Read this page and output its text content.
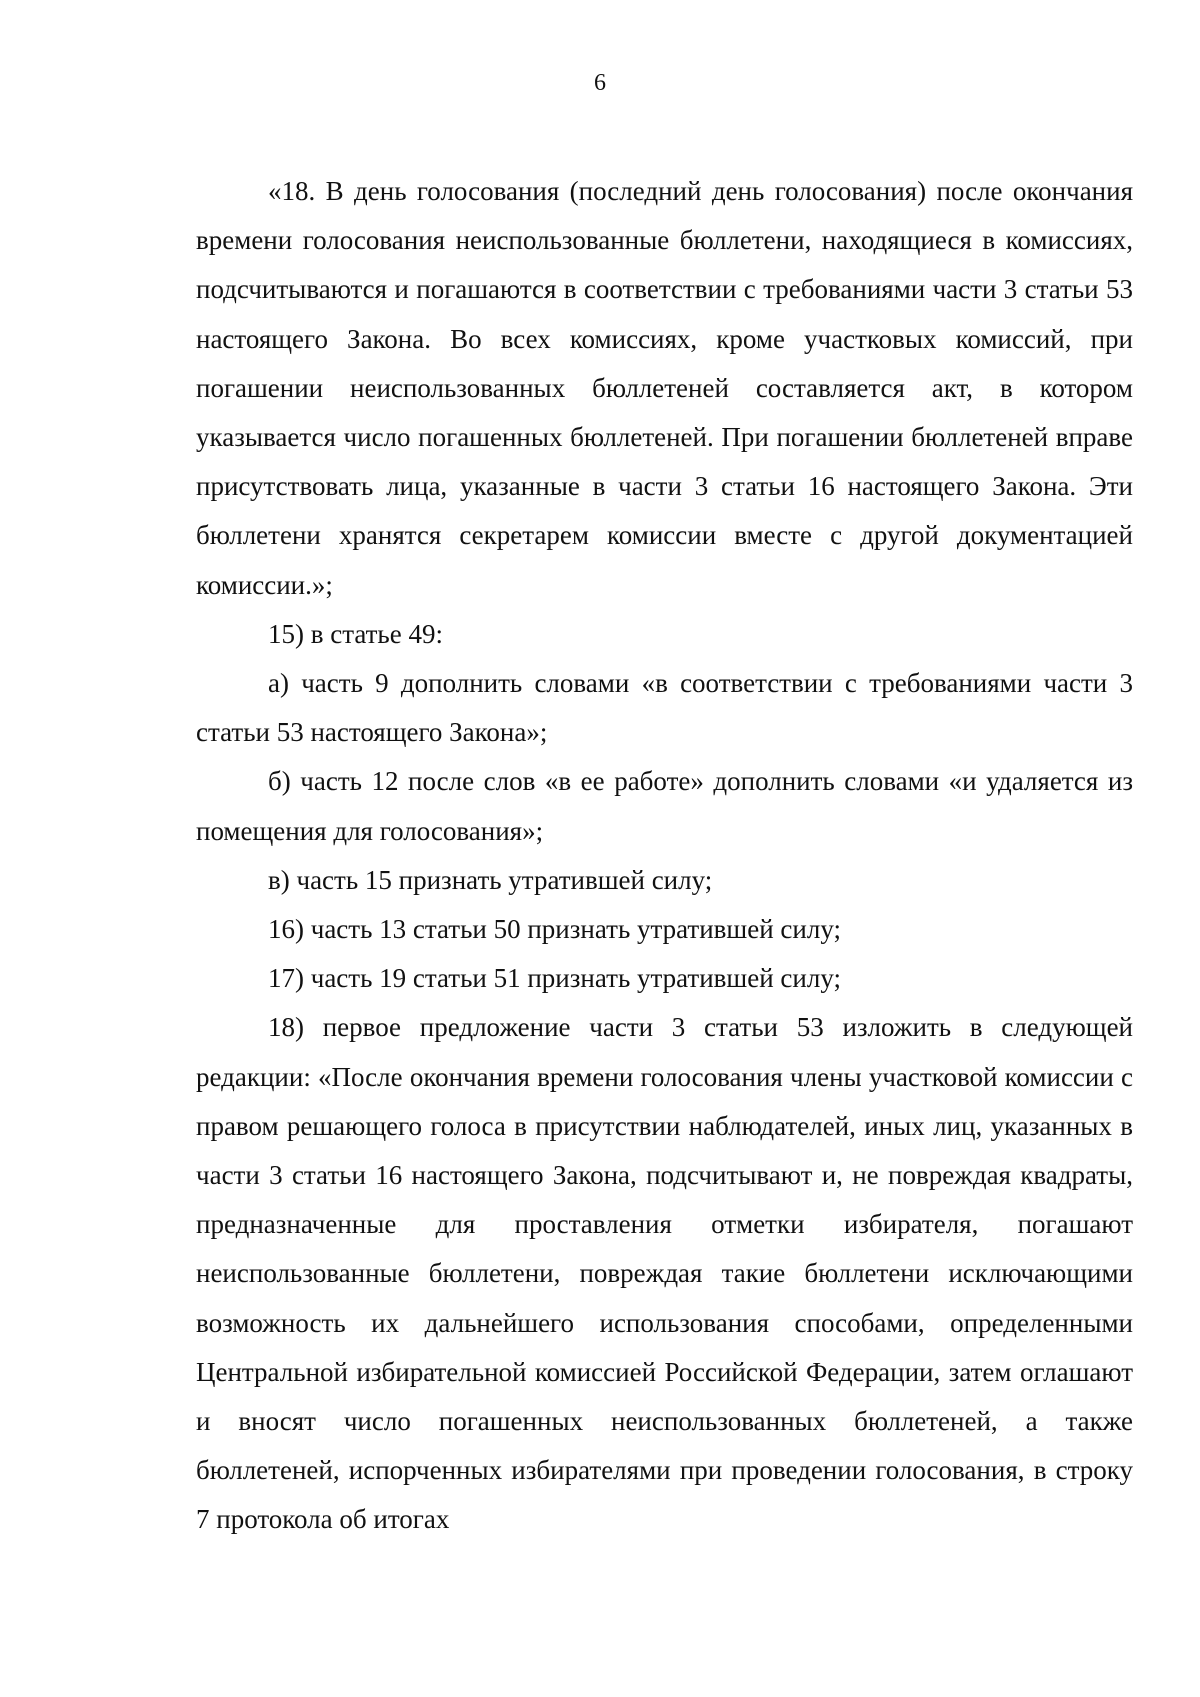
6

«18. В день голосования (последний день голосования) после окончания времени голосования неиспользованные бюллетени, находящиеся в комиссиях, подсчитываются и погашаются в соответствии с требованиями части 3 статьи 53 настоящего Закона. Во всех комиссиях, кроме участковых комиссий, при погашении неиспользованных бюллетеней составляется акт, в котором указывается число погашенных бюллетеней. При погашении бюллетеней вправе присутствовать лица, указанные в части 3 статьи 16 настоящего Закона. Эти бюллетени хранятся секретарем комиссии вместе с другой документацией комиссии.»;

15) в статье 49:

а) часть 9 дополнить словами «в соответствии с требованиями части 3 статьи 53 настоящего Закона»;

б) часть 12 после слов «в ее работе» дополнить словами «и удаляется из помещения для голосования»;

в) часть 15 признать утратившей силу;

16) часть 13 статьи 50 признать утратившей силу;

17) часть 19 статьи 51 признать утратившей силу;

18) первое предложение части 3 статьи 53 изложить в следующей редакции: «После окончания времени голосования члены участковой комиссии с правом решающего голоса в присутствии наблюдателей, иных лиц, указанных в части 3 статьи 16 настоящего Закона, подсчитывают и, не повреждая квадраты, предназначенные для проставления отметки избирателя, погашают неиспользованные бюллетени, повреждая такие бюллетени исключающими возможность их дальнейшего использования способами, определенными Центральной избирательной комиссией Российской Федерации, затем оглашают и вносят число погашенных неиспользованных бюллетеней, а также бюллетеней, испорченных избирателями при проведении голосования, в строку 7 протокола об итогах
